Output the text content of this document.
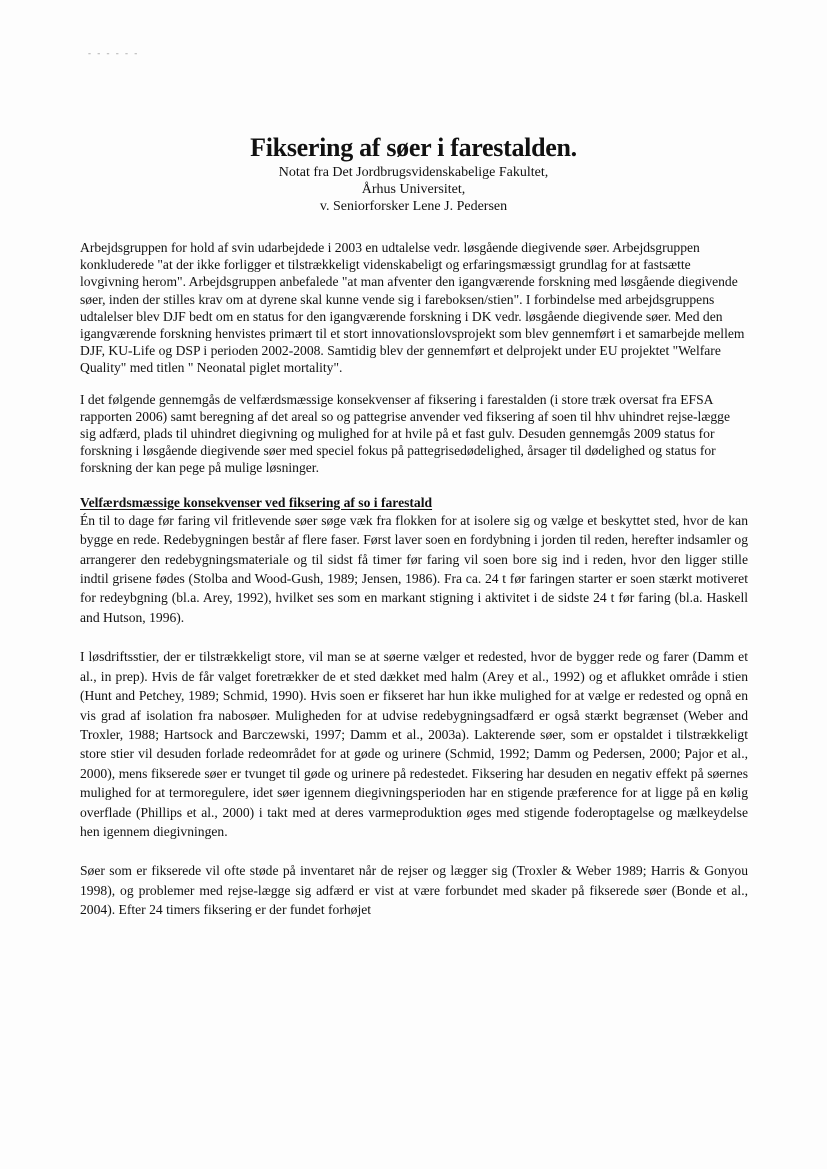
- - - - - -
Fiksering af søer i farestalden.

Notat fra Det Jordbrugsvidenskabelige Fakultet,

Århus Universitet,

v. Seniorforsker Lene J. Pedersen

Arbejdsgruppen for hold af svin udarbejdede i 2003 en udtalelse vedr. løsgående diegivende søer. Arbejdsgruppen konkluderede "at der ikke forligger et tilstrækkeligt videnskabeligt og erfaringsmæssigt grundlag for at fastsætte lovgivning herom". Arbejdsgruppen anbefalede "at man afventer den igangværende forskning med løsgående diegivende søer, inden der stilles krav om at dyrene skal kunne vende sig i fareboksen/stien". I forbindelse med arbejdsgruppens udtalelser blev DJF bedt om en status for den igangværende forskning i DK vedr. løsgående diegivende søer. Med den igangværende forskning henvistes primært til et stort innovationslovsprojekt som blev gennemført i et samarbejde mellem DJF, KU-Life og DSP i perioden 2002-2008. Samtidig blev der gennemført et delprojekt under EU projektet "Welfare Quality" med titlen " Neonatal piglet mortality".

I det følgende gennemgås de velfærdsmæssige konsekvenser af fiksering i farestalden (i store træk oversat fra EFSA rapporten 2006) samt beregning af det areal so og pattegrise anvender ved fiksering af soen til hhv uhindret rejse-lægge sig adfærd, plads til uhindret diegivning og mulighed for at hvile på et fast gulv. Desuden gennemgås 2009 status for forskning i løsgående diegivende søer med speciel fokus på pattegrisedødelighed, årsager til dødelighed og status for forskning der kan pege på mulige løsninger.

Velfærdsmæssige konsekvenser ved fiksering af so i farestald

Én til to dage før faring vil fritlevende søer søge væk fra flokken for at isolere sig og vælge et beskyttet sted, hvor de kan bygge en rede. Redebygningen består af flere faser. Først laver soen en fordybning i jorden til reden, herefter indsamler og arrangerer den redebygningsmateriale og til sidst få timer før faring vil soen bore sig ind i reden, hvor den ligger stille indtil grisene fødes (Stolba and Wood-Gush, 1989; Jensen, 1986). Fra ca. 24 t før faringen starter er soen stærkt motiveret for redeybgning (bl.a. Arey, 1992), hvilket ses som en markant stigning i aktivitet i de sidste 24 t før faring (bl.a. Haskell and Hutson, 1996).

I løsdriftsstier, der er tilstrækkeligt store, vil man se at søerne vælger et redested, hvor de bygger rede og farer (Damm et al., in prep). Hvis de får valget foretrækker de et sted dækket med halm (Arey et al., 1992) og et aflukket område i stien (Hunt and Petchey, 1989; Schmid, 1990). Hvis soen er fikseret har hun ikke mulighed for at vælge er redested og opnå en vis grad af isolation fra nabosøer. Muligheden for at udvise redebygningsadfærd er også stærkt begrænset (Weber and Troxler, 1988; Hartsock and Barczewski, 1997; Damm et al., 2003a). Lakterende søer, som er opstaldet i tilstrækkeligt store stier vil desuden forlade redeområdet for at gøde og urinere (Schmid, 1992; Damm og Pedersen, 2000; Pajor et al., 2000), mens fikserede søer er tvunget til gøde og urinere på redestedet. Fiksering har desuden en negativ effekt på søernes mulighed for at termoregulere, idet søer igennem diegivningsperioden har en stigende præference for at ligge på en kølig overflade (Phillips et al., 2000) i takt med at deres varmeproduktion øges med stigende foderoptagelse og mælkeydelse hen igennem diegivningen.

Søer som er fikserede vil ofte støde på inventaret når de rejser og lægger sig (Troxler & Weber 1989; Harris & Gonyou 1998), og problemer med rejse-lægge sig adfærd er vist at være forbundet med skader på fikserede søer (Bonde et al., 2004). Efter 24 timers fiksering er der fundet forhøjet
